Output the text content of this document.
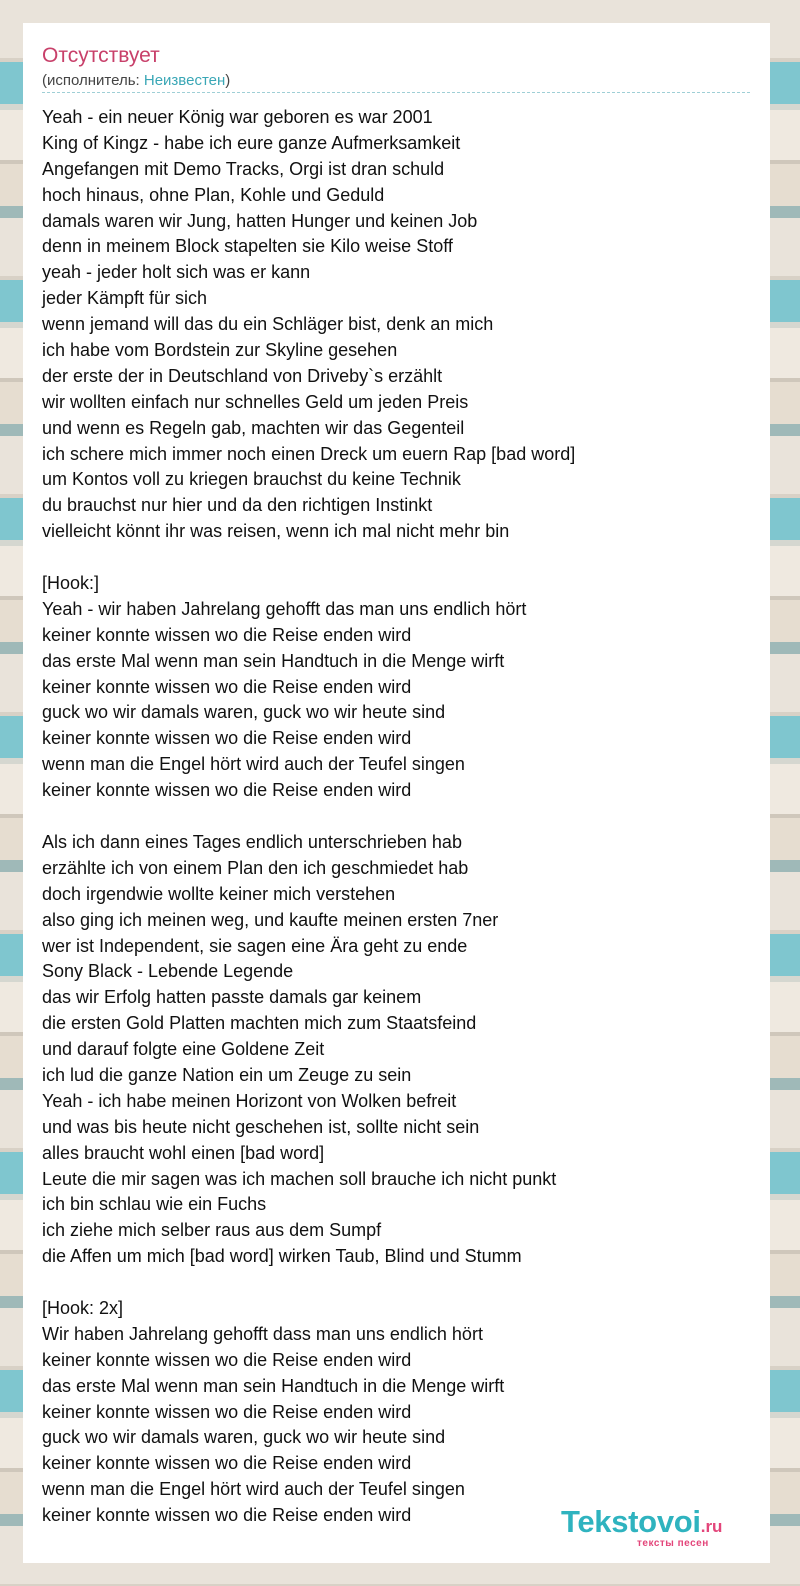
Отсутствует
(исполнитель: Неизвестен)
Yeah - ein neuer König war geboren es war 2001
King of Kingz - habe ich eure ganze Aufmerksamkeit
Angefangen mit Demo Tracks, Orgi ist dran schuld
hoch hinaus, ohne Plan, Kohle und Geduld
damals waren wir Jung, hatten Hunger und keinen Job
denn in meinem Block stapelten sie Kilo weise Stoff
yeah - jeder holt sich was er kann
jeder Kämpft für sich
wenn jemand will das du ein Schläger bist, denk an mich
ich habe vom Bordstein zur Skyline gesehen
der erste der in Deutschland von Driveby`s erzählt
wir wollten einfach nur schnelles Geld um jeden Preis
und wenn es Regeln gab, machten wir das Gegenteil
ich schere mich immer noch einen Dreck um euern Rap [bad word]
um Kontos voll zu kriegen brauchst du keine Technik
du brauchst nur hier und da den richtigen Instinkt
vielleicht könnt ihr was reisen, wenn ich mal nicht mehr bin
[Hook:]
Yeah - wir haben Jahrelang gehofft das man uns endlich hört
keiner konnte wissen wo die Reise enden wird
das erste Mal wenn man sein Handtuch in die Menge wirft
keiner konnte wissen wo die Reise enden wird
guck wo wir damals waren, guck wo wir heute sind
keiner konnte wissen wo die Reise enden wird
wenn man die Engel hört wird auch der Teufel singen
keiner konnte wissen wo die Reise enden wird
Als ich dann eines Tages endlich unterschrieben hab
erzählte ich von einem Plan den ich geschmiedet hab
doch irgendwie wollte keiner mich verstehen
also ging ich meinen weg, und kaufte meinen ersten 7ner
wer ist Independent, sie sagen eine Ära geht zu ende
Sony Black - Lebende Legende
das wir Erfolg hatten passte damals gar keinem
die ersten Gold Platten machten mich zum Staatsfeind
und darauf folgte eine Goldene Zeit
ich lud die ganze Nation ein um Zeuge zu sein
Yeah - ich habe meinen Horizont von Wolken befreit
und was bis heute nicht geschehen ist, sollte nicht sein
alles braucht wohl einen [bad word]
Leute die mir sagen was ich machen soll brauche ich nicht punkt
ich bin schlau wie ein Fuchs
ich ziehe mich selber raus aus dem Sumpf
die Affen um mich [bad word] wirken Taub, Blind und Stumm
[Hook: 2x]
Wir haben Jahrelang gehofft dass man uns endlich hört
keiner konnte wissen wo die Reise enden wird
das erste Mal wenn man sein Handtuch in die Menge wirft
keiner konnte wissen wo die Reise enden wird
guck wo wir damals waren, guck wo wir heute sind
keiner konnte wissen wo die Reise enden wird
wenn man die Engel hört wird auch der Teufel singen
keiner konnte wissen wo die Reise enden wird	Tekstovoi.ru
тексты песен
